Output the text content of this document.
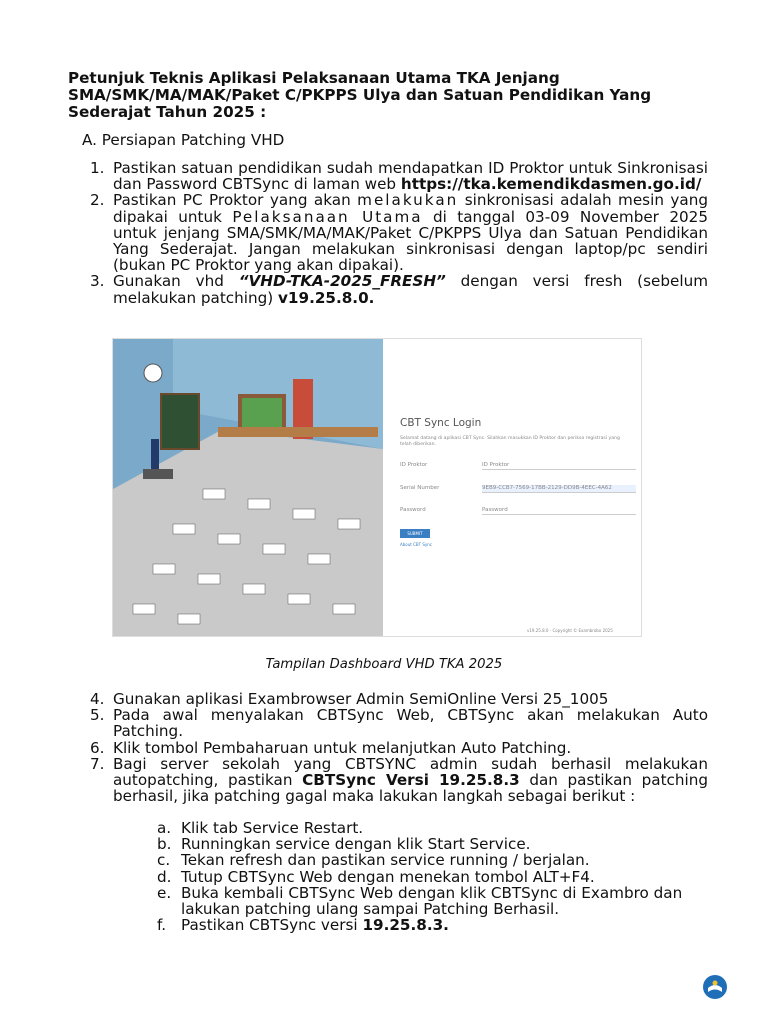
Petunjuk Teknis Aplikasi Pelaksanaan Utama TKA Jenjang SMA/SMK/MA/MAK/Paket C/PKPPS Ulya dan Satuan Pendidikan Yang Sederajat Tahun 2025 :
A. Persiapan Patching VHD
1. Pastikan satuan pendidikan sudah mendapatkan ID Proktor untuk Sinkronisasi dan Password CBTSync di laman web https://tka.kemendikdasmen.go.id/
2. Pastikan PC Proktor yang akan melakukan sinkronisasi adalah mesin yang dipakai untuk Pelaksanaan Utama di tanggal 03-09 November 2025 untuk jenjang SMA/SMK/MA/MAK/Paket C/PKPPS Ulya dan Satuan Pendidikan Yang Sederajat. Jangan melakukan sinkronisasi dengan laptop/pc sendiri (bukan PC Proktor yang akan dipakai).
3. Gunakan vhd “VHD-TKA-2025_FRESH” dengan versi fresh (sebelum melakukan patching) v19.25.8.0.
CBT Sync Login
Selamat datang di aplikasi CBT Sync. Silahkan masukkan ID Proktor dan periksa registrasi yang telah diberikan.
ID Proktor	ID Proktor
Serial Number	9EB9-CCB7-7569-17BB-2129-DD9B-4EEC-4A62
Password	Password
SUBMIT
About CBT Sync
v19.25.8.0 - Copyright © Exambrobo 2025
Tampilan Dashboard VHD TKA 2025
4. Gunakan aplikasi Exambrowser Admin SemiOnline Versi 25_1005
5. Pada awal menyalakan CBTSync Web, CBTSync akan melakukan Auto Patching.
6. Klik tombol Pembaharuan untuk melanjutkan Auto Patching.
7. Bagi server sekolah yang CBTSYNC admin sudah berhasil melakukan autopatching, pastikan CBTSync Versi 19.25.8.3 dan pastikan patching berhasil, jika patching gagal maka lakukan langkah sebagai berikut :
a. Klik tab Service Restart.
b. Runningkan service dengan klik Start Service.
c. Tekan refresh dan pastikan service running / berjalan.
d. Tutup CBTSync Web dengan menekan tombol ALT+F4.
e. Buka kembali CBTSync Web dengan klik CBTSync di Exambro dan lakukan patching ulang sampai Patching Berhasil.
f. Pastikan CBTSync versi 19.25.8.3.
